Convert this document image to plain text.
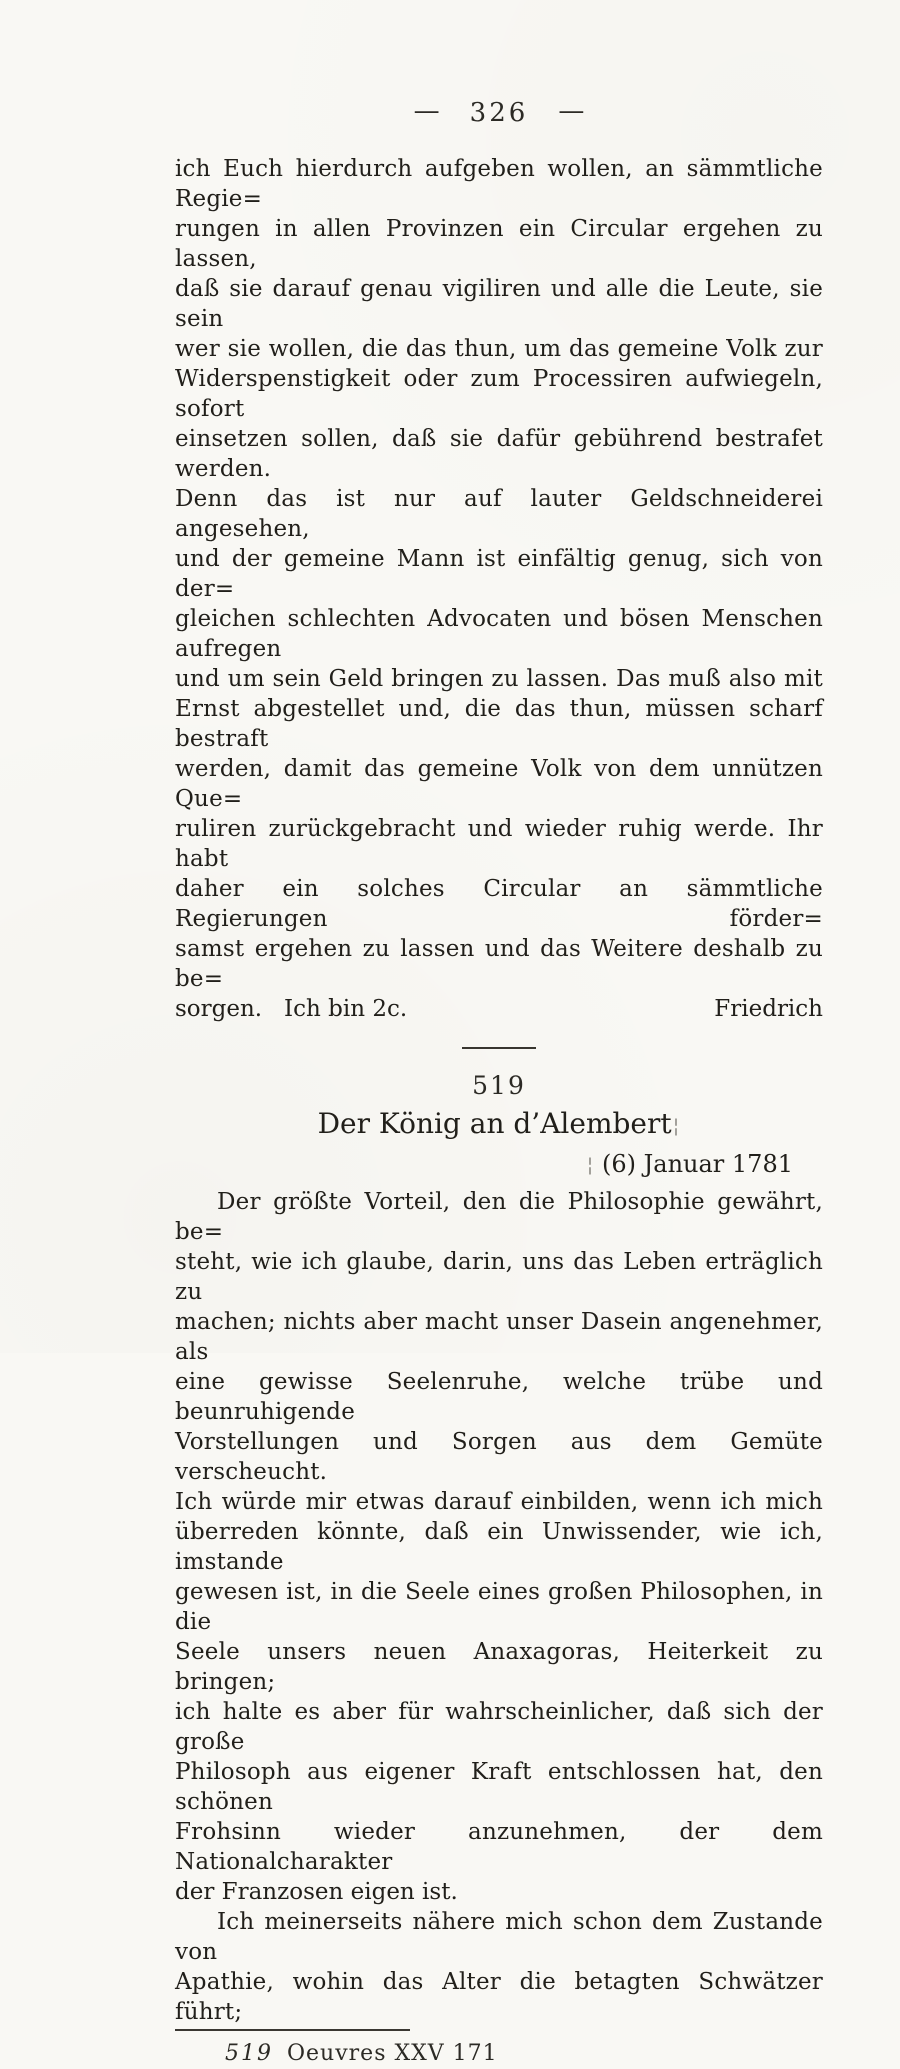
— 326 —
ich Euch hierdurch aufgeben wollen, an sämmtliche Regie=
rungen in allen Provinzen ein Circular ergehen zu lassen,
daß sie darauf genau vigiliren und alle die Leute, sie sein
wer sie wollen, die das thun, um das gemeine Volk zur
Widerspenstigkeit oder zum Processiren aufwiegeln, sofort
einsetzen sollen, daß sie dafür gebührend bestrafet werden.
Denn das ist nur auf lauter Geldschneiderei angesehen,
und der gemeine Mann ist einfältig genug, sich von der=
gleichen schlechten Advocaten und bösen Menschen aufregen
und um sein Geld bringen zu lassen. Das muß also mit
Ernst abgestellet und, die das thun, müssen scharf bestraft
werden, damit das gemeine Volk von dem unnützen Que=
ruliren zurückgebracht und wieder ruhig werde. Ihr habt
daher ein solches Circular an sämmtliche Regierungen förder=
samst ergehen zu lassen und das Weitere deshalb zu be=
sorgen.   Ich bin 2c.	Friedrich
519
Der König an d’Alembert¦
¦ (6) Januar 1781
Der größte Vorteil, den die Philosophie gewährt, be=
steht, wie ich glaube, darin, uns das Leben erträglich zu
machen; nichts aber macht unser Dasein angenehmer, als
eine gewisse Seelenruhe, welche trübe und beunruhigende
Vorstellungen und Sorgen aus dem Gemüte verscheucht.
Ich würde mir etwas darauf einbilden, wenn ich mich
überreden könnte, daß ein Unwissender, wie ich, imstande
gewesen ist, in die Seele eines großen Philosophen, in die
Seele unsers neuen Anaxagoras, Heiterkeit zu bringen;
ich halte es aber für wahrscheinlicher, daß sich der große
Philosoph aus eigener Kraft entschlossen hat, den schönen
Frohsinn wieder anzunehmen, der dem Nationalcharakter
der Franzosen eigen ist.
Ich meinerseits nähere mich schon dem Zustande von
Apathie, wohin das Alter die betagten Schwätzer führt;
519 Oeuvres XXV 171
